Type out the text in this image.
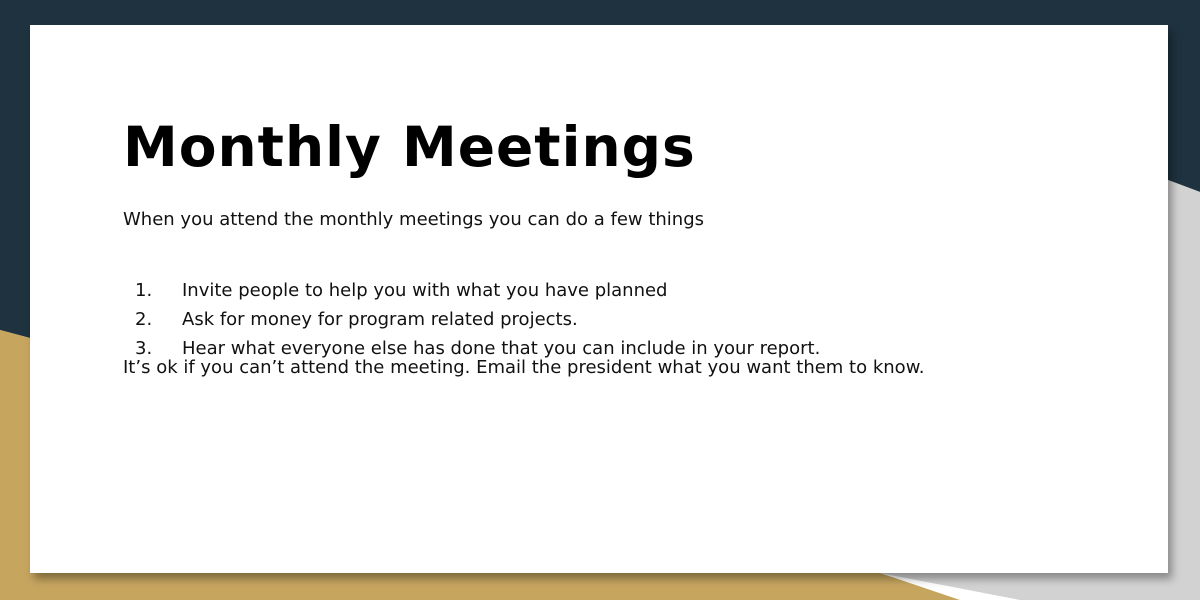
Monthly Meetings

When you attend the monthly meetings you can do a few things

1.	Invite people to help you with what you have planned
2.	Ask for money for program related projects.
3.	Hear what everyone else has done that you can include in your report.

It’s ok if you can’t attend the meeting. Email the president what you want them to know.
